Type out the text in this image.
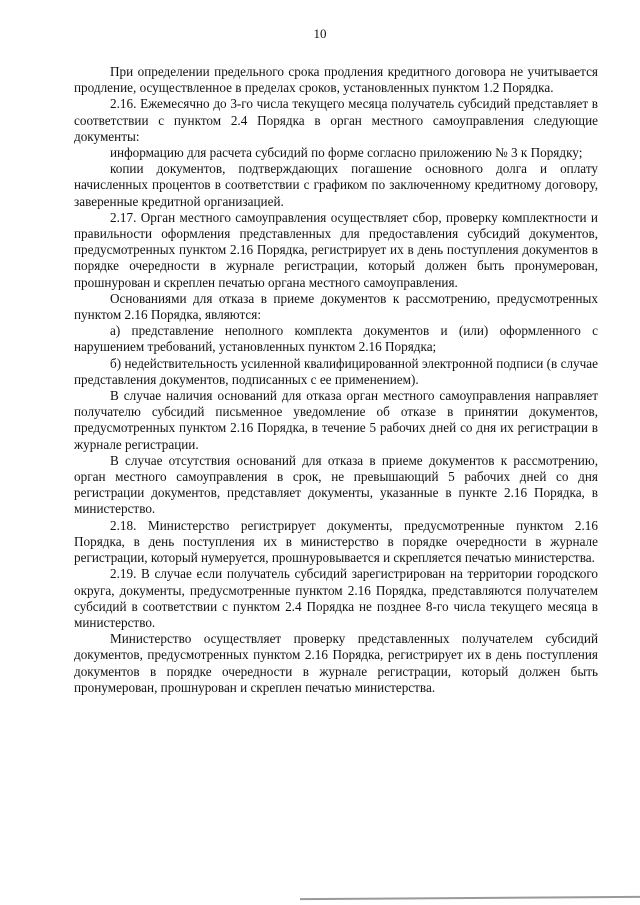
10

При определении предельного срока продления кредитного договора не учитывается продление, осуществленное в пределах сроков, установленных пунктом 1.2 Порядка.

2.16. Ежемесячно до 3-го числа текущего месяца получатель субсидий представляет в соответствии с пунктом 2.4 Порядка в орган местного самоуправления следующие документы:

информацию для расчета субсидий по форме согласно приложению № 3 к Порядку;

копии документов, подтверждающих погашение основного долга и оплату начисленных процентов в соответствии с графиком по заключенному кредитному договору, заверенные кредитной организацией.

2.17. Орган местного самоуправления осуществляет сбор, проверку комплектности и правильности оформления представленных для предоставления субсидий документов, предусмотренных пунктом 2.16 Порядка, регистрирует их в день поступления документов в порядке очередности в журнале регистрации, который должен быть пронумерован, прошнурован и скреплен печатью органа местного самоуправления.

Основаниями для отказа в приеме документов к рассмотрению, предусмотренных пунктом 2.16 Порядка, являются:

а) представление неполного комплекта документов и (или) оформленного с нарушением требований, установленных пунктом 2.16 Порядка;

б) недействительность усиленной квалифицированной электронной подписи (в случае представления документов, подписанных с ее применением).

В случае наличия оснований для отказа орган местного самоуправления направляет получателю субсидий письменное уведомление об отказе в принятии документов, предусмотренных пунктом 2.16 Порядка, в течение 5 рабочих дней со дня их регистрации в журнале регистрации.

В случае отсутствия оснований для отказа в приеме документов к рассмотрению, орган местного самоуправления в срок, не превышающий 5 рабочих дней со дня регистрации документов, представляет документы, указанные в пункте 2.16 Порядка, в министерство.

2.18. Министерство регистрирует документы, предусмотренные пунктом 2.16 Порядка, в день поступления их в министерство в порядке очередности в журнале регистрации, который нумеруется, прошнуровывается и скрепляется печатью министерства.

2.19. В случае если получатель субсидий зарегистрирован на территории городского округа, документы, предусмотренные пунктом 2.16 Порядка, представляются получателем субсидий в соответствии с пунктом 2.4 Порядка не позднее 8-го числа текущего месяца в министерство.

Министерство осуществляет проверку представленных получателем субсидий документов, предусмотренных пунктом 2.16 Порядка, регистрирует их в день поступления документов в порядке очередности в журнале регистрации, который должен быть пронумерован, прошнурован и скреплен печатью министерства.
